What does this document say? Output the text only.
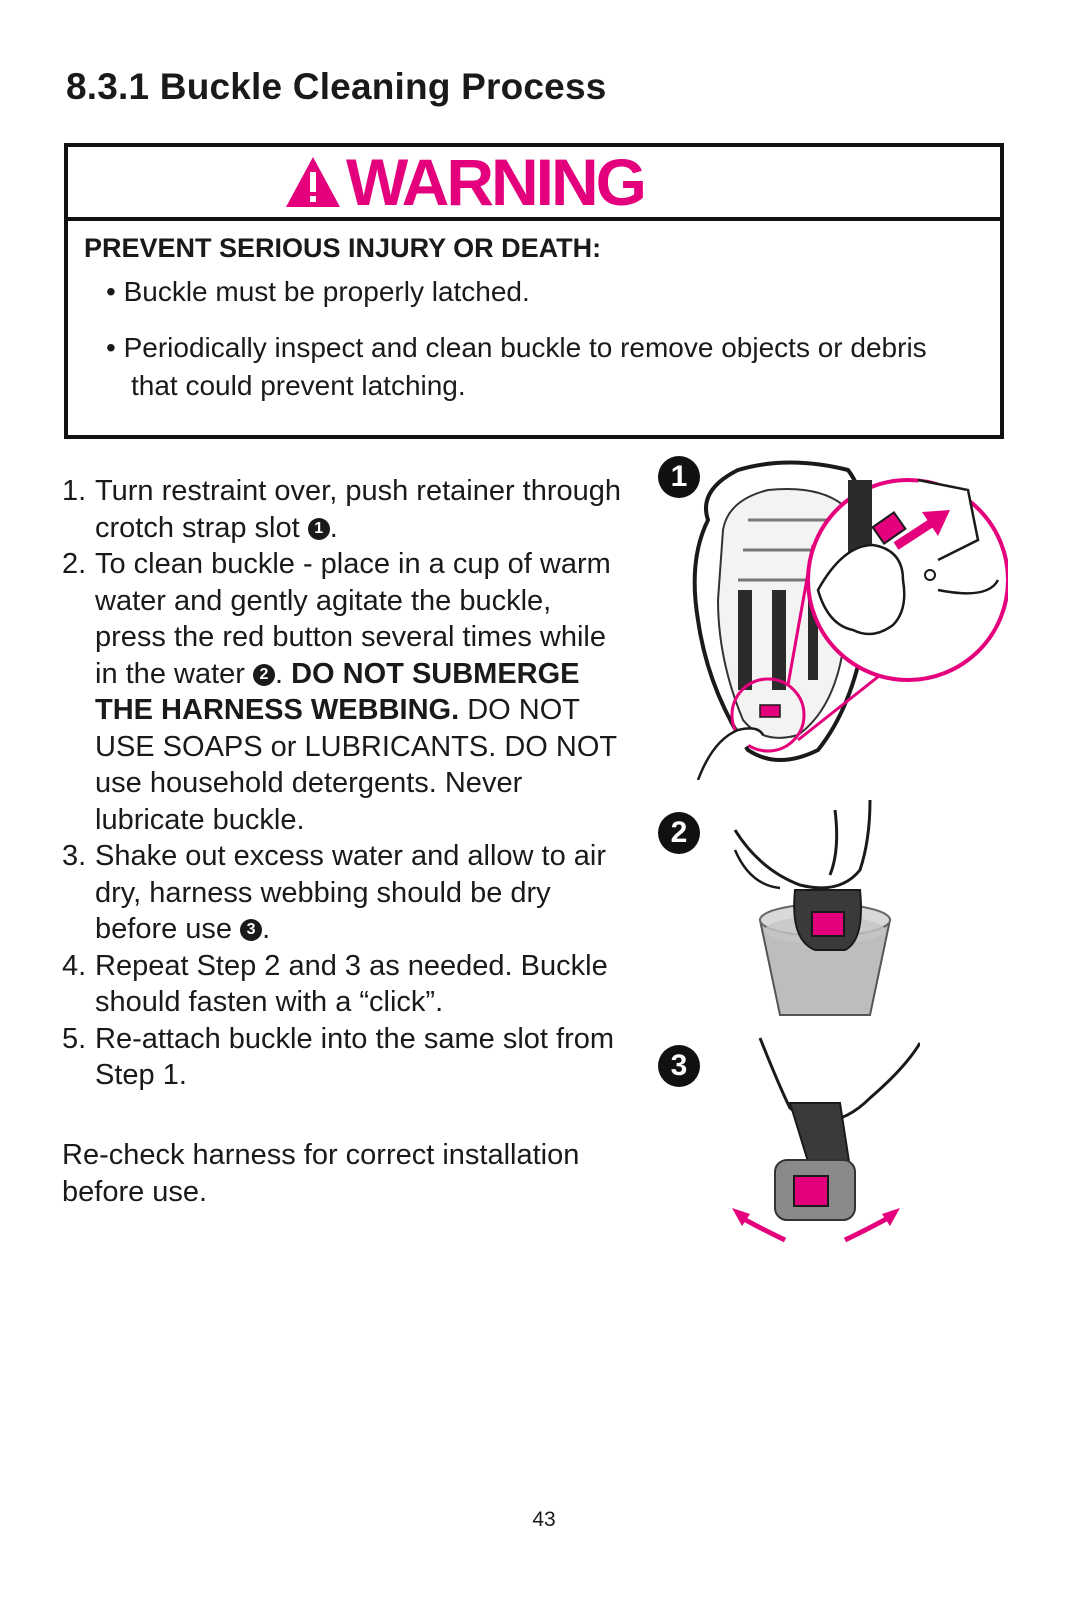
8.3.1 Buckle Cleaning Process
WARNING

PREVENT SERIOUS INJURY OR DEATH:

• Buckle must be properly latched.

• Periodically inspect and clean buckle to remove objects or debris
that could prevent latching.
1. Turn restraint over, push retainer through crotch strap slot 1 .
2. To clean buckle - place in a cup of warm water and gently agitate the buckle, press the red button several times while in the water 2 . DO NOT SUBMERGE THE HARNESS WEBBING. DO NOT USE SOAPS or LUBRICANTS. DO NOT use household detergents. Never lubricate buckle.
3. Shake out excess water and allow to air dry, harness webbing should be dry before use 3 .
4. Repeat Step 2 and 3 as needed. Buckle should fasten with a “click”.
5. Re-attach buckle into the same slot from Step 1.

Re-check harness for correct installation before use.

1
2
3

43
